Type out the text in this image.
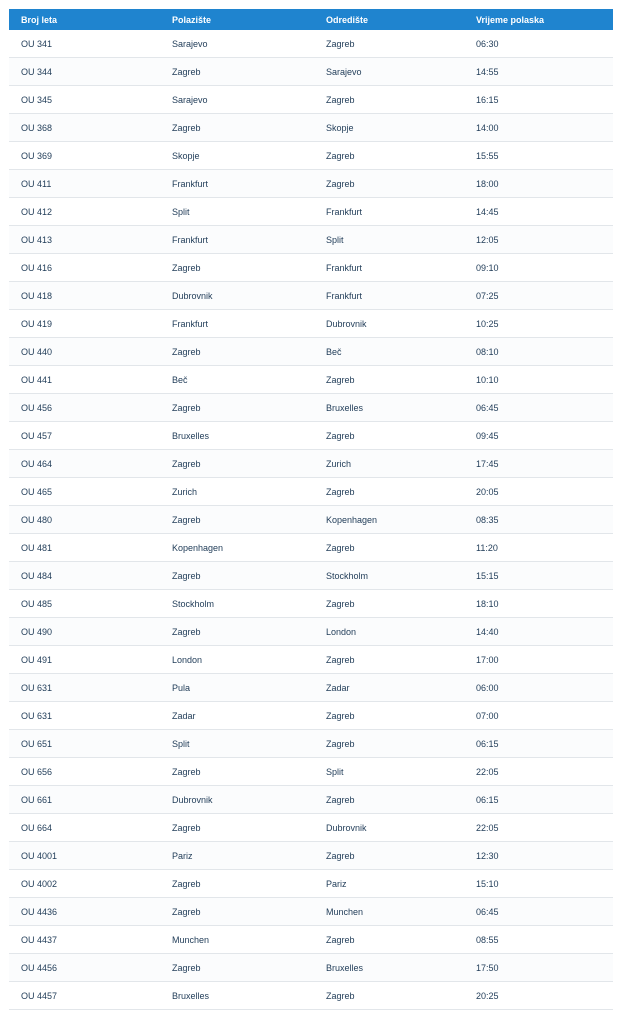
Broj leta	Polazište	Odredište	Vrijeme polaska
OU 341	Sarajevo	Zagreb	06:30
OU 344	Zagreb	Sarajevo	14:55
OU 345	Sarajevo	Zagreb	16:15
OU 368	Zagreb	Skopje	14:00
OU 369	Skopje	Zagreb	15:55
OU 411	Frankfurt	Zagreb	18:00
OU 412	Split	Frankfurt	14:45
OU 413	Frankfurt	Split	12:05
OU 416	Zagreb	Frankfurt	09:10
OU 418	Dubrovnik	Frankfurt	07:25
OU 419	Frankfurt	Dubrovnik	10:25
OU 440	Zagreb	Beč	08:10
OU 441	Beč	Zagreb	10:10
OU 456	Zagreb	Bruxelles	06:45
OU 457	Bruxelles	Zagreb	09:45
OU 464	Zagreb	Zurich	17:45
OU 465	Zurich	Zagreb	20:05
OU 480	Zagreb	Kopenhagen	08:35
OU 481	Kopenhagen	Zagreb	11:20
OU 484	Zagreb	Stockholm	15:15
OU 485	Stockholm	Zagreb	18:10
OU 490	Zagreb	London	14:40
OU 491	London	Zagreb	17:00
OU 631	Pula	Zadar	06:00
OU 631	Zadar	Zagreb	07:00
OU 651	Split	Zagreb	06:15
OU 656	Zagreb	Split	22:05
OU 661	Dubrovnik	Zagreb	06:15
OU 664	Zagreb	Dubrovnik	22:05
OU 4001	Pariz	Zagreb	12:30
OU 4002	Zagreb	Pariz	15:10
OU 4436	Zagreb	Munchen	06:45
OU 4437	Munchen	Zagreb	08:55
OU 4456	Zagreb	Bruxelles	17:50
OU 4457	Bruxelles	Zagreb	20:25
